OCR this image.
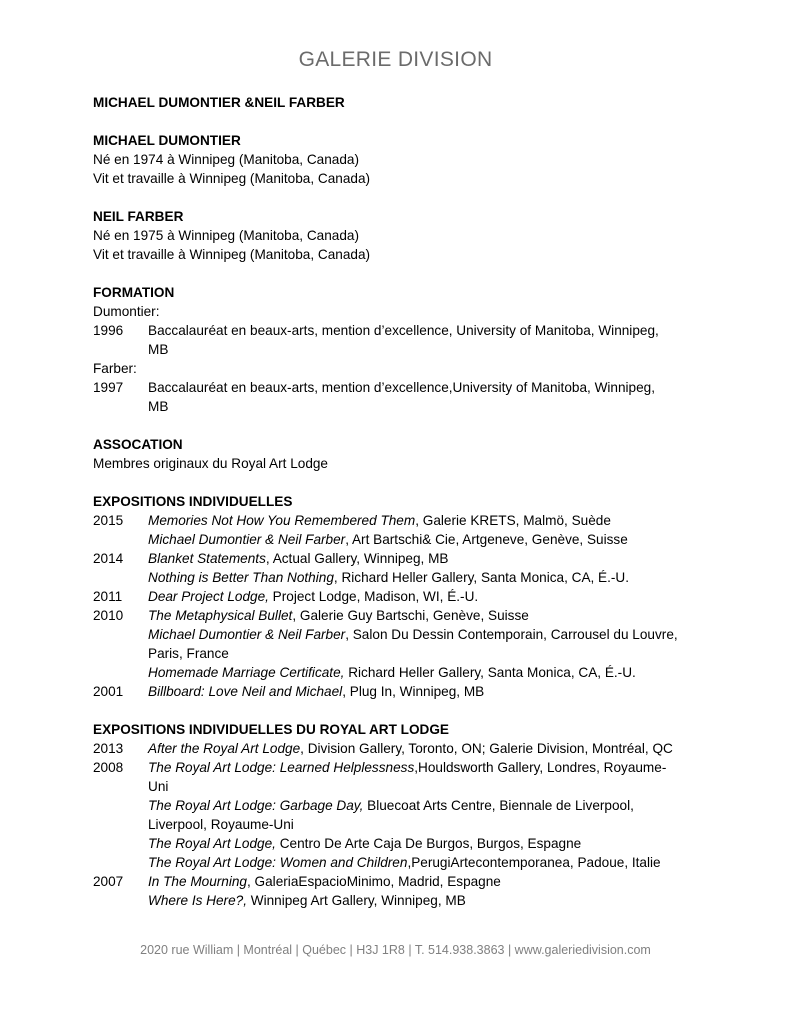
GALERIE DIVISION
MICHAEL DUMONTIER &NEIL FARBER
MICHAEL DUMONTIER
Né en 1974 à Winnipeg (Manitoba, Canada)
Vit et travaille à Winnipeg (Manitoba, Canada)
NEIL FARBER
Né en 1975 à Winnipeg (Manitoba, Canada)
Vit et travaille à Winnipeg (Manitoba, Canada)
FORMATION
Dumontier:
1996	Baccalauréat en beaux-arts, mention d’excellence, University of Manitoba, Winnipeg,
MB
Farber:
1997	Baccalauréat en beaux-arts, mention d’excellence,University of Manitoba, Winnipeg,
MB
ASSOCATION
Membres originaux du Royal Art Lodge
EXPOSITIONS INDIVIDUELLES
2015	Memories Not How You Remembered Them, Galerie KRETS, Malmö, Suède
Michael Dumontier & Neil Farber, Art Bartschi& Cie, Artgeneve, Genève, Suisse
2014	Blanket Statements, Actual Gallery, Winnipeg, MB
Nothing is Better Than Nothing, Richard Heller Gallery, Santa Monica, CA, É.-U.
2011	Dear Project Lodge, Project Lodge, Madison, WI, É.-U.
2010	The Metaphysical Bullet, Galerie Guy Bartschi, Genève, Suisse
Michael Dumontier & Neil Farber, Salon Du Dessin Contemporain, Carrousel du Louvre,
Paris, France
Homemade Marriage Certificate, Richard Heller Gallery, Santa Monica, CA, É.-U.
2001	Billboard: Love Neil and Michael, Plug In, Winnipeg, MB
EXPOSITIONS INDIVIDUELLES DU ROYAL ART LODGE
2013	After the Royal Art Lodge, Division Gallery, Toronto, ON; Galerie Division, Montréal, QC
2008	The Royal Art Lodge: Learned Helplessness,Houldsworth Gallery, Londres, Royaume-
Uni
The Royal Art Lodge: Garbage Day, Bluecoat Arts Centre, Biennale de Liverpool,
Liverpool, Royaume-Uni
The Royal Art Lodge, Centro De Arte Caja De Burgos, Burgos, Espagne
The Royal Art Lodge: Women and Children,PerugiArtecontemporanea, Padoue, Italie
2007	In The Mourning, GaleriaEspacioMinimo, Madrid, Espagne
Where Is Here?, Winnipeg Art Gallery, Winnipeg, MB
2020 rue William | Montréal | Québec | H3J 1R8 | T. 514.938.3863 | www.galeriedivision.com
